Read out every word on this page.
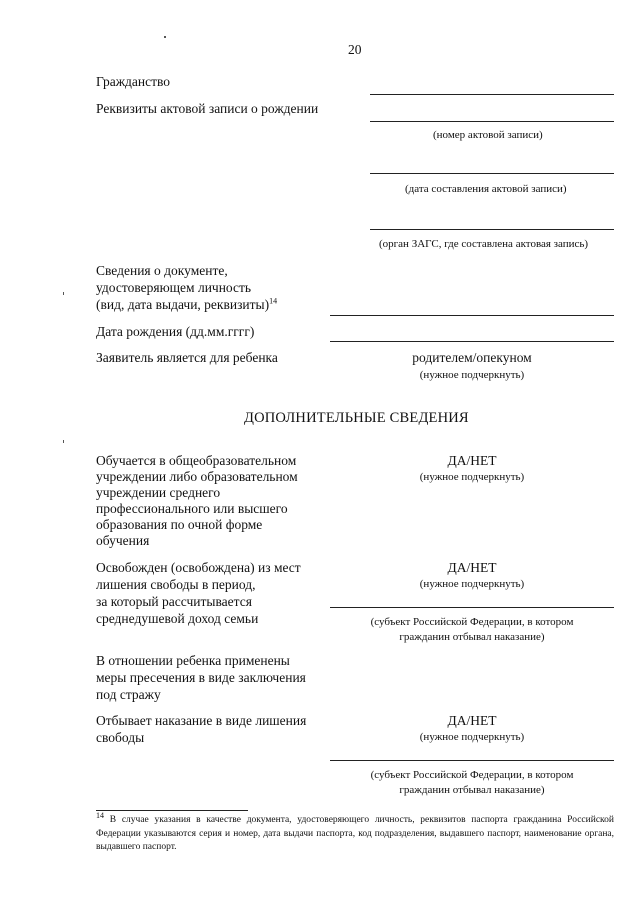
20
Гражданство
Реквизиты актовой записи о рождении
(номер актовой записи)
(дата составления актовой записи)
(орган ЗАГС, где составлена актовая запись)
Сведения о документе,
удостоверяющем личность
(вид, дата выдачи, реквизиты)$^{14}$
Дата рождения (дд.мм.гггг)
Заявитель является для ребенка	родителем/опекуном
(нужное подчеркнуть)
ДОПОЛНИТЕЛЬНЫЕ СВЕДЕНИЯ
Обучается в общеобразовательном
учреждении либо образовательном
учреждении среднего
профессионального или высшего
образования по очной форме
обучения
ДА/НЕТ
(нужное подчеркнуть)
Освобожден (освобождена) из мест
лишения свободы в период,
за который рассчитывается
среднедушевой доход семьи
ДА/НЕТ
(нужное подчеркнуть)
(субъект Российской Федерации, в котором
гражданин отбывал наказание)
В отношении ребенка применены
меры пресечения в виде заключения
под стражу
Отбывает наказание в виде лишения
свободы
ДА/НЕТ
(нужное подчеркнуть)
(субъект Российской Федерации, в котором
гражданин отбывал наказание)
$^{14}$ В случае указания в качестве документа, удостоверяющего личность, реквизитов паспорта гражданина Российской Федерации указываются серия и номер, дата выдачи паспорта, код подразделения, выдавшего паспорт, наименование органа, выдавшего паспорт.
